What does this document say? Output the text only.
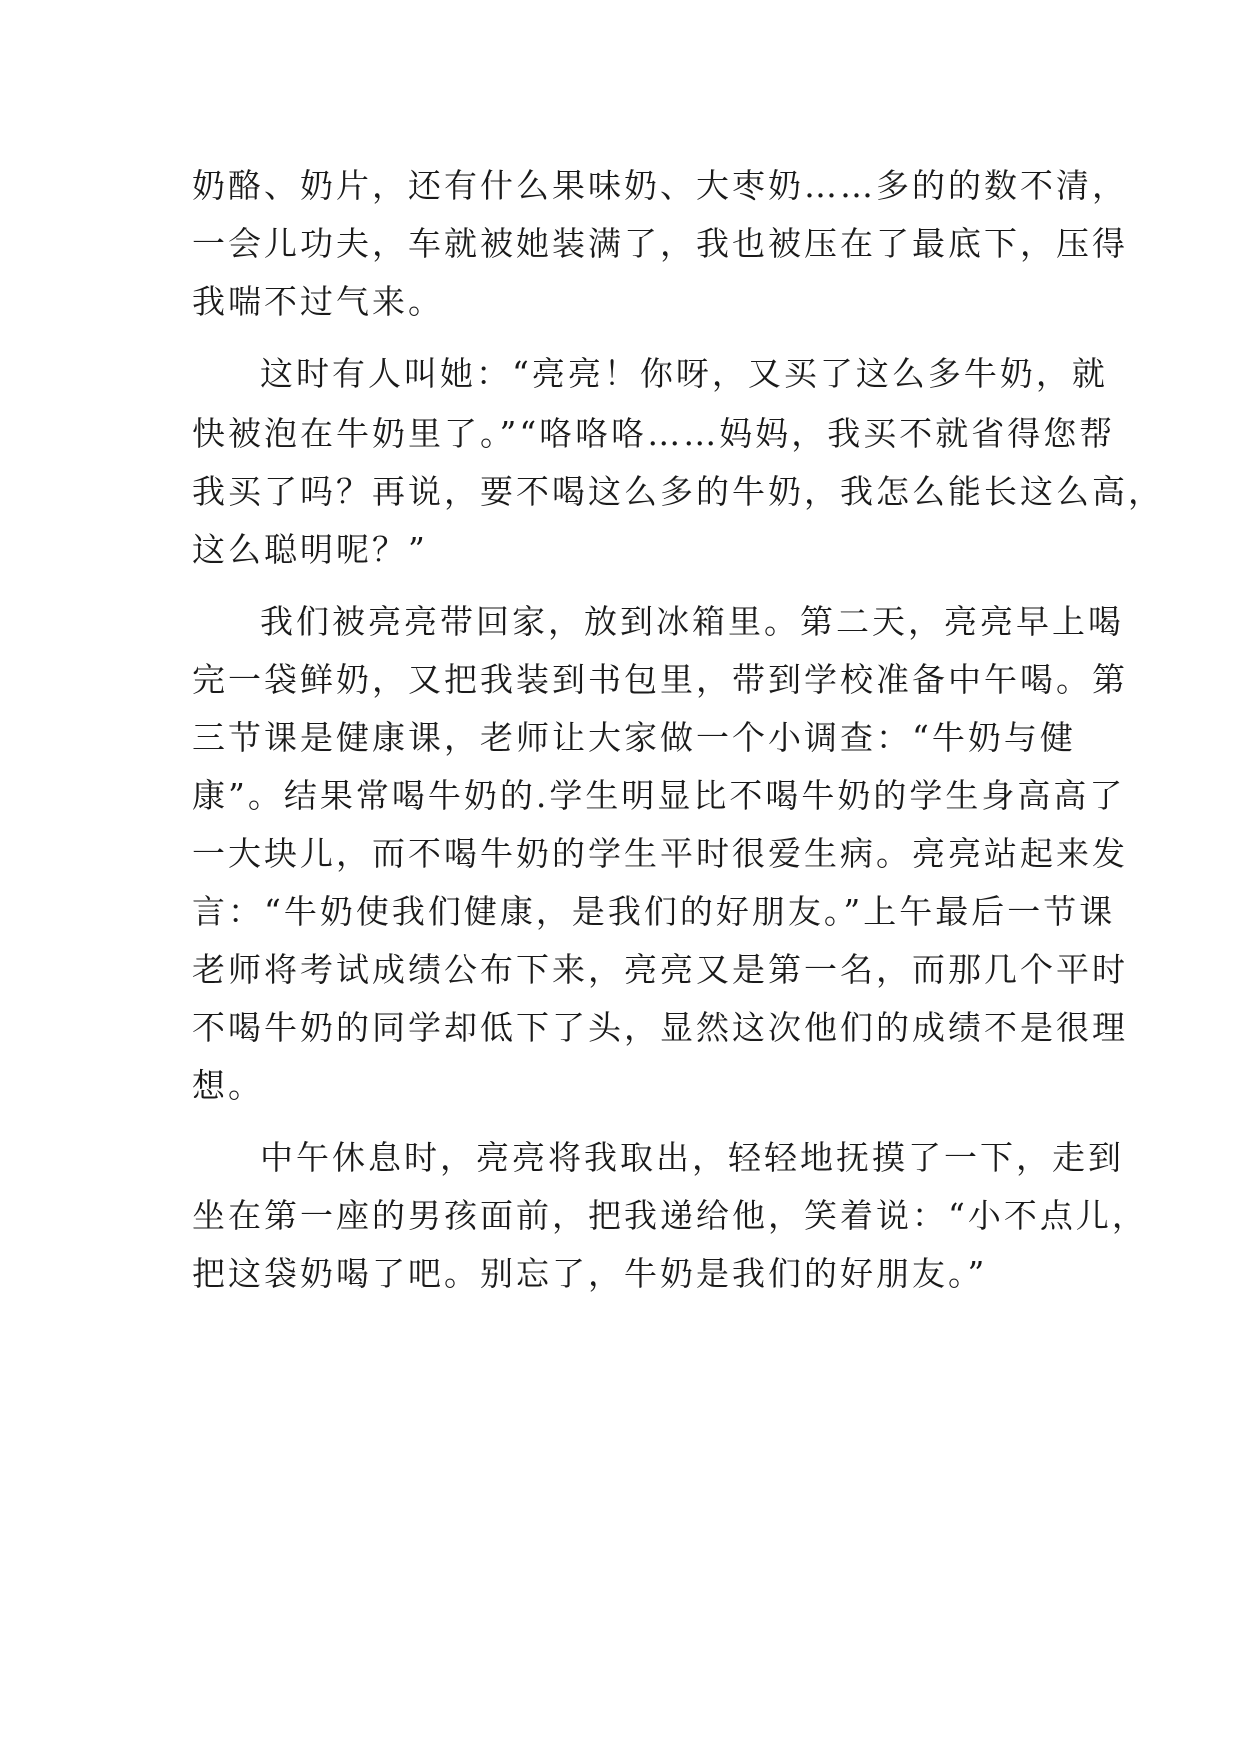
奶酪、奶片，还有什么果味奶、大枣奶……多的的数不清，
一会儿功夫，车就被她装满了，我也被压在了最底下，压得
我喘不过气来。
这时有人叫她：“亮亮！你呀，又买了这么多牛奶，就
快被泡在牛奶里了。”“咯咯咯……妈妈，我买不就省得您帮
我买了吗？再说，要不喝这么多的牛奶，我怎么能长这么高，
这么聪明呢？”
我们被亮亮带回家，放到冰箱里。第二天，亮亮早上喝
完一袋鲜奶，又把我装到书包里，带到学校准备中午喝。第
三节课是健康课，老师让大家做一个小调查：“牛奶与健
康”。结果常喝牛奶的.学生明显比不喝牛奶的学生身高高了
一大块儿，而不喝牛奶的学生平时很爱生病。亮亮站起来发
言：“牛奶使我们健康，是我们的好朋友。”上午最后一节课
老师将考试成绩公布下来，亮亮又是第一名，而那几个平时
不喝牛奶的同学却低下了头，显然这次他们的成绩不是很理
想。
中午休息时，亮亮将我取出，轻轻地抚摸了一下，走到
坐在第一座的男孩面前，把我递给他，笑着说：“小不点儿，
把这袋奶喝了吧。别忘了，牛奶是我们的好朋友。”
